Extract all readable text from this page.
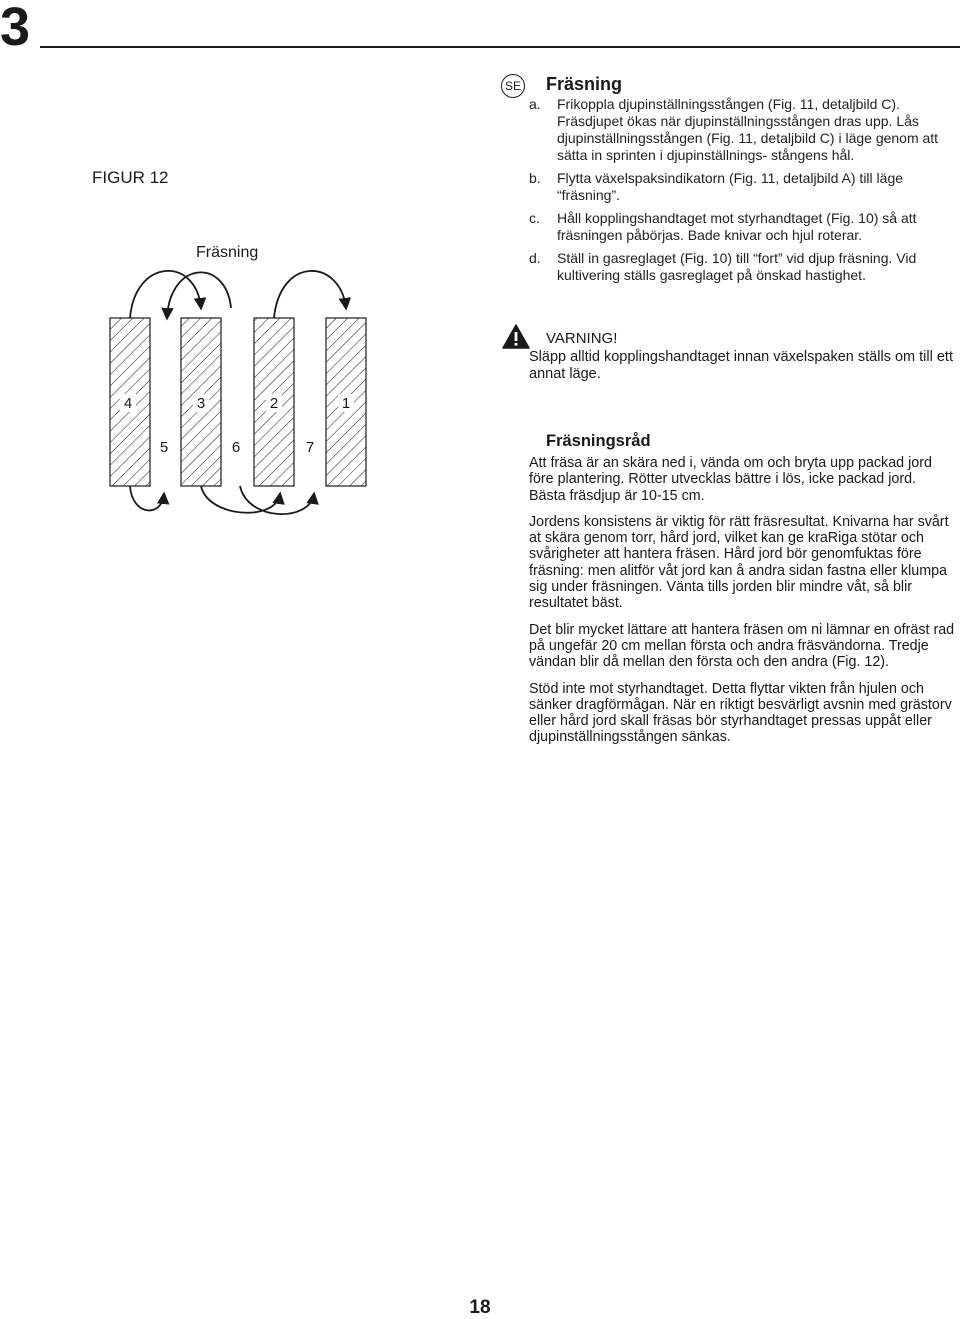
3
FIGUR 12
Fräsning
4	3	2	1
5	6	7
SE Fräsning
a.	Frikoppla djupinställningsstången (Fig. 11, detaljbild C). Fräsdjupet ökas när djupinställningsstången dras upp. Lås djupinställningsstången (Fig. 11, detaljbild C) i läge genom att sätta in sprinten i djupinställnings- stångens hål.
b.	Flytta växelspaksindikatorn (Fig. 11, detaljbild A) till läge “fräsning”.
c.	Håll kopplingshandtaget mot styrhandtaget (Fig. 10) så att fräsningen påbörjas. Bade knivar och hjul roterar.
d.	Ställ in gasreglaget (Fig. 10) till “fort” vid djup fräsning. Vid kultivering ställs gasreglaget på önskad hastighet.
VARNING!
Släpp alltid kopplingshandtaget innan växelspaken ställs om till ett annat läge.
Fräsningsråd

Att fräsa är an skära ned i, vända om och bryta upp packad jord före plantering. Rötter utvecklas bättre i lös, icke packad jord. Bästa fräsdjup är 10-15 cm.

Jordens konsistens är viktig för rätt fräsresultat. Knivarna har svårt at skära genom torr, hård jord, vilket kan ge kraRiga stötar och svårigheter att hantera fräsen. Hård jord bör genomfuktas före fräsning: men alitför våt jord kan å andra sidan fastna eller klumpa sig under fräsningen. Vänta tills jorden blir mindre våt, så blir resultatet bäst.

Det blir mycket lättare att hantera fräsen om ni lämnar en ofräst rad på ungefär 20 cm mellan första och andra fräsvändorna. Tredje vändan blir då mellan den första och den andra (Fig. 12).

Stöd inte mot styrhandtaget. Detta flyttar vikten från hjulen och sänker dragförmågan. När en riktigt besvärligt avsnin med grästorv eller hård jord skall fräsas bör styrhandtaget pressas uppåt eller djupinställningsstången sänkas.

18
